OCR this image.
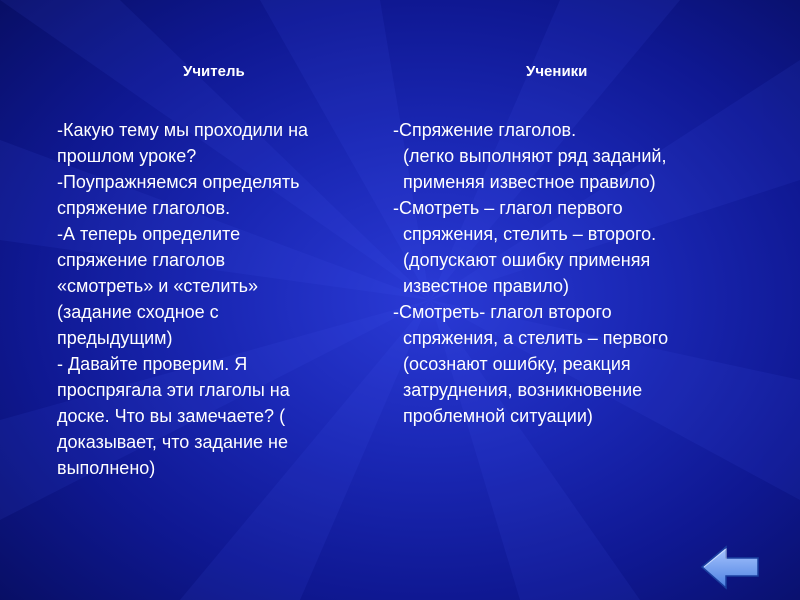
Учитель	Ученики

-Какую тему мы проходили на

прошлом уроке?

-Поупражняемся определять

спряжение глаголов.

-А теперь определите

спряжение глаголов

«смотреть» и «стелить»

(задание сходное с

предыдущим)

- Давайте проверим. Я

проспрягала эти глаголы на

доске. Что вы замечаете? (

доказывает, что задание не

выполнено)

-Спряжение глаголов.

(легко выполняют ряд заданий,

применяя известное правило)

-Смотреть – глагол первого

спряжения, стелить – второго.

(допускают ошибку применяя

известное правило)

-Смотреть- глагол второго

спряжения, а стелить – первого

(осознают ошибку, реакция

затруднения, возникновение

проблемной ситуации)
